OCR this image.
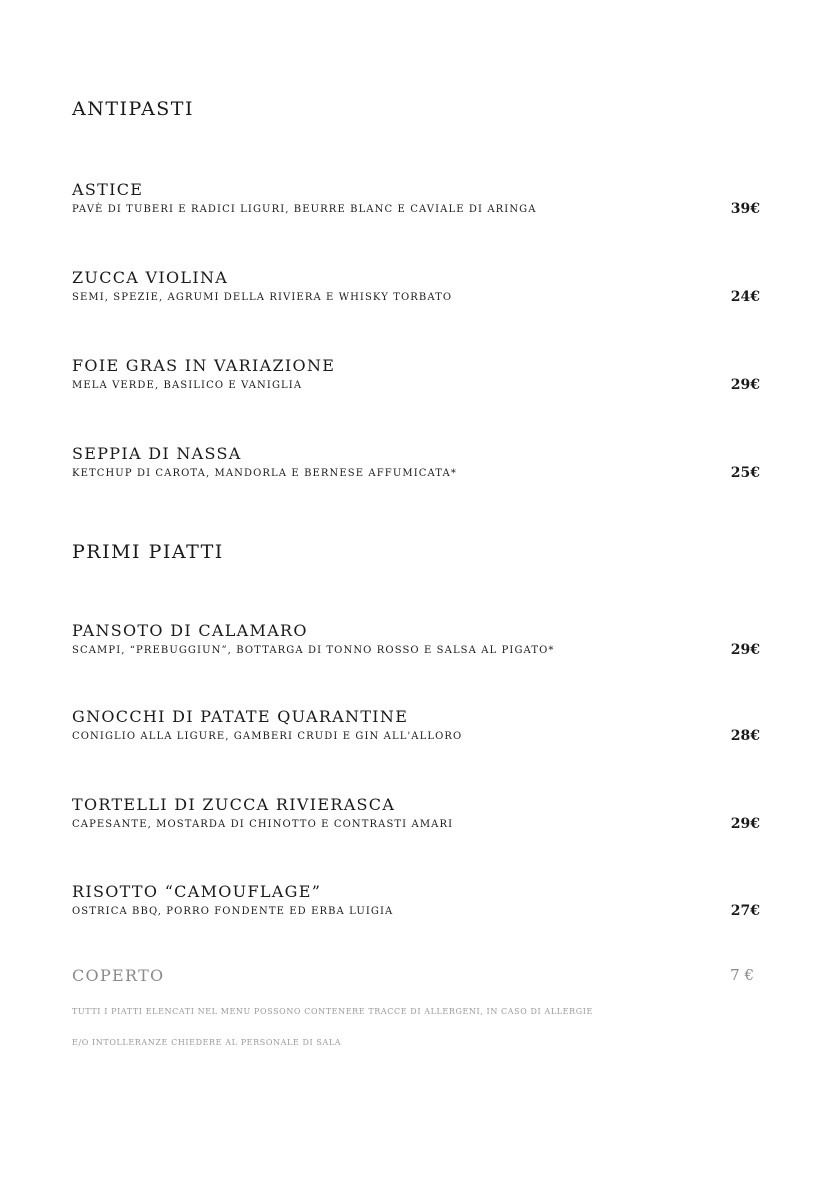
ANTIPASTI
ASTICE
PAVÈ DI TUBERI E RADICI LIGURI, BEURRE BLANC E CAVIALE DI ARINGA	39€
ZUCCA VIOLINA
SEMI, SPEZIE, AGRUMI DELLA RIVIERA E WHISKY TORBATO	24€
FOIE GRAS IN VARIAZIONE
MELA VERDE, BASILICO E VANIGLIA	29€
SEPPIA DI NASSA
KETCHUP DI CAROTA, MANDORLA E BERNESE AFFUMICATA*	25€
PRIMI PIATTI
PANSOTO DI CALAMARO
SCAMPI, “PREBUGGIUN”, BOTTARGA DI TONNO ROSSO E SALSA AL PIGATO*	29€
GNOCCHI DI PATATE QUARANTINE
CONIGLIO ALLA LIGURE, GAMBERI CRUDI E GIN ALL'ALLORO	28€
TORTELLI DI ZUCCA RIVIERASCA
CAPESANTE, MOSTARDA DI CHINOTTO E CONTRASTI AMARI	29€
RISOTTO “CAMOUFLAGE”
OSTRICA BBQ, PORRO FONDENTE ED ERBA LUIGIA	27€
COPERTO	7 €
TUTTI I PIATTI ELENCATI NEL MENU POSSONO CONTENERE TRACCE DI ALLERGENI, IN CASO DI ALLERGIE
E/O INTOLLERANZE CHIEDERE AL PERSONALE DI SALA
